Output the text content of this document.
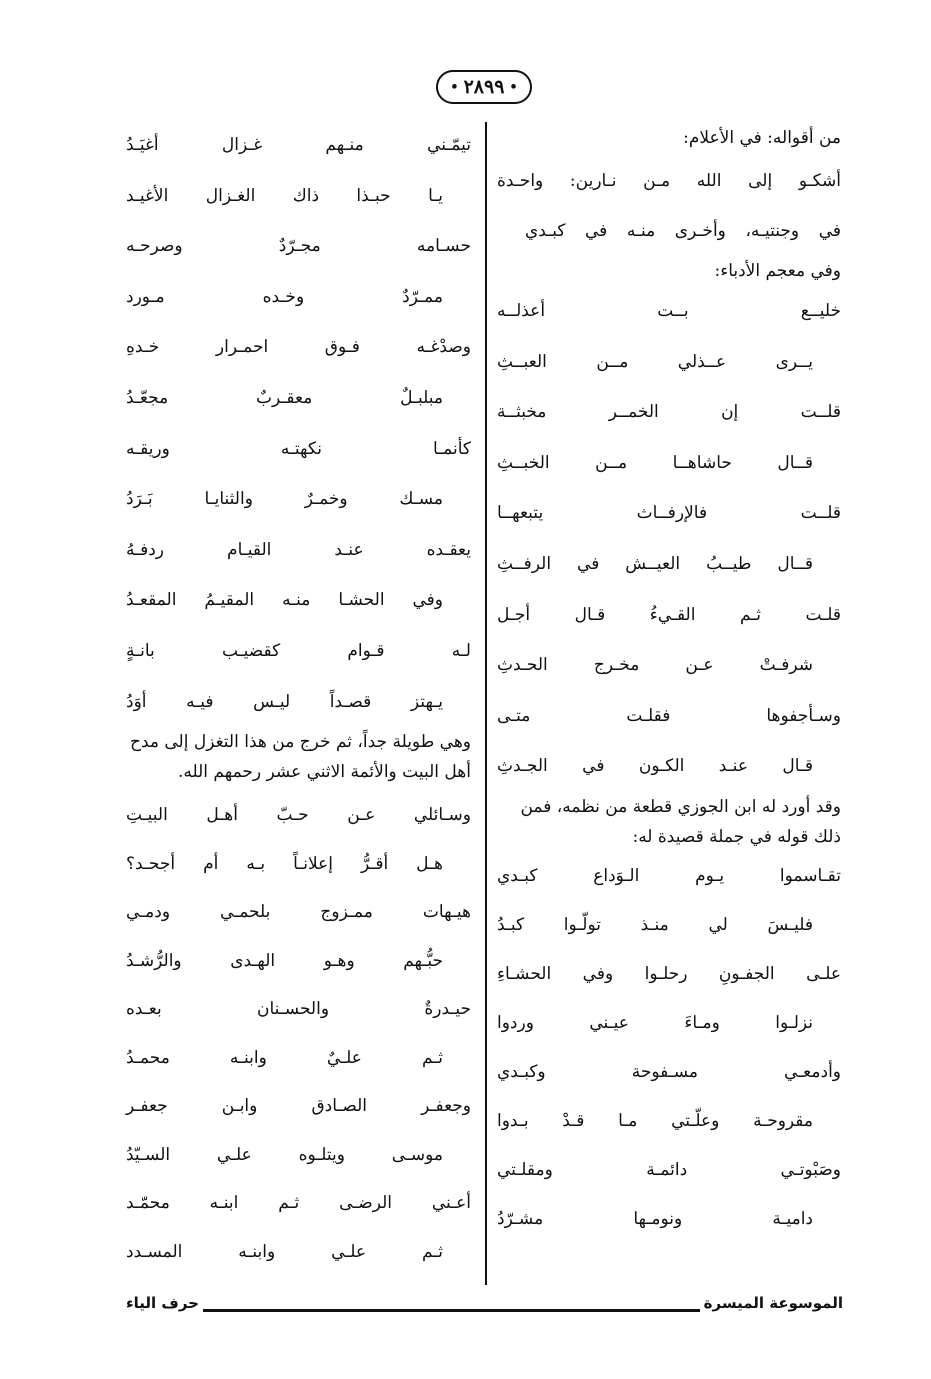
• ٢٨٩٩ •
من أقواله: في الأعلام:
أشكـو إلى الله مـن نـارين: واحـدة
في وجنتيـه، وأخـرى منـه في كبـدي
وفي معجم الأدباء:
خليــع بــت أعذلــه
يــرى عــذلي مــن العبــثِ
قلــت إن الخمــر مخبثــة
قــال حاشاهــا مــن الخبــثِ
قلــت فالإرفــاث يتبعهــا
قــال طيــبُ العيــش في الرفــثِ
قلـت ثـم القـيءُ قـال أجـل
شرفـتْ عـن مخـرج الحـدثِ
وسـأجفوها فقلـت متـى
قـال عنـد الكـون في الجـدثِ
وقد أورد له ابن الجوزي قطعة من نظمه، فمن ذلك قوله في جملة قصيدة له:
تقـاسموا يـوم الـوَداع كبـدي
فليـسَ لي منـذ تولّـوا كبـدُ
علـى الجفـونِ رحلـوا وفي الحشـاءِ
نزلـوا ومـاءَ عيـني وردوا
وأدمعـي مسـفوحة وكبـدي
مقروحـة وعلّـتي مـا قـدْ بـدوا
وصَبْوتـي دائمـة ومقلـتي
داميـة ونومـها مشـرّدُ
تيمّـني منـهم غـزال أغيَـدُ
يـا حبـذا ذاك الغـزال الأغيـد
حسـامه مجـرّدٌ وصرحـه
ممـرّدٌ وخـده مـورد
وصدْغـه فـوق احمـرار خـدهِ
مبلبـلٌ معقـربٌ مجعّـدُ
كأنمـا نكهتـه وريقـه
مسـك وخمـرٌ والثنايـا بَـرَدُ
يعقـده عنـد القيـام ردفـهُ
وفي الحشـا منـه المقيـمُ المقعـدُ
لـه قـوام كقضيـب بانـةٍ
يـهتز قصـداً ليـس فيـه أوَدُ
وهي طويلة جداً، ثم خرج من هذا التغزل إلى مدح أهل البيت والأئمة الاثني عشر رحمهم الله.
وسـائلي عـن حـبّ أهـل البيـتِ
هـل أقـرُّ إعلانـاً بـه أم أجحـد؟
هيـهات ممـزوج بلحمـي ودمـي
حبُّـهم وهـو الهـدى والرُّشـدُ
حيـدرةٌ والحسـنان بعـده
ثـم علـيٌ وابنـه محمـدُ
وجعفـر الصـادق وابـن جعفـر
موسـى ويتلـوه علـي السـيّدُ
أعـني الرضـى ثـم ابنـه محمّـد
ثـم علـي وابنـه المسـدد
الموسوعة الميسرة
حرف الياء
